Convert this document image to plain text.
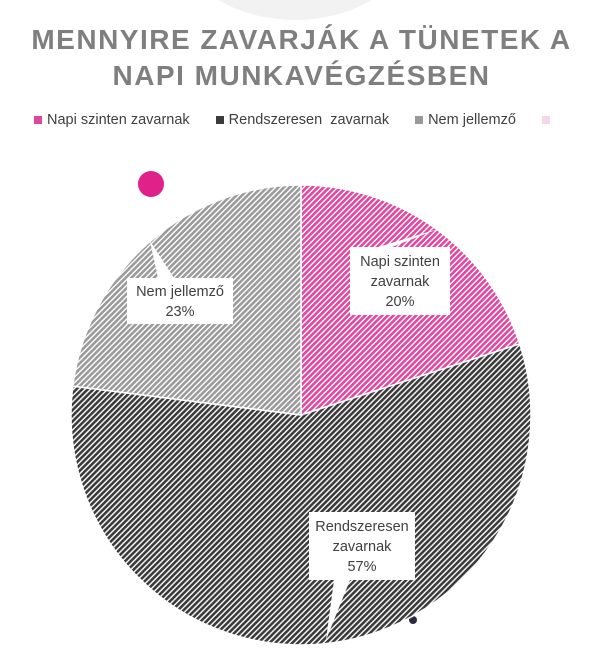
MENNYIRE ZAVARJÁK A TÜNETEK A
NAPI MUNKAVÉGZÉSBEN
Napi szinten zavarnak	Rendszeresen  zavarnak	Nem jellemző
Napi szinten
zavarnak
20%
Rendszeresen
zavarnak
57%
Nem jellemző
23%
